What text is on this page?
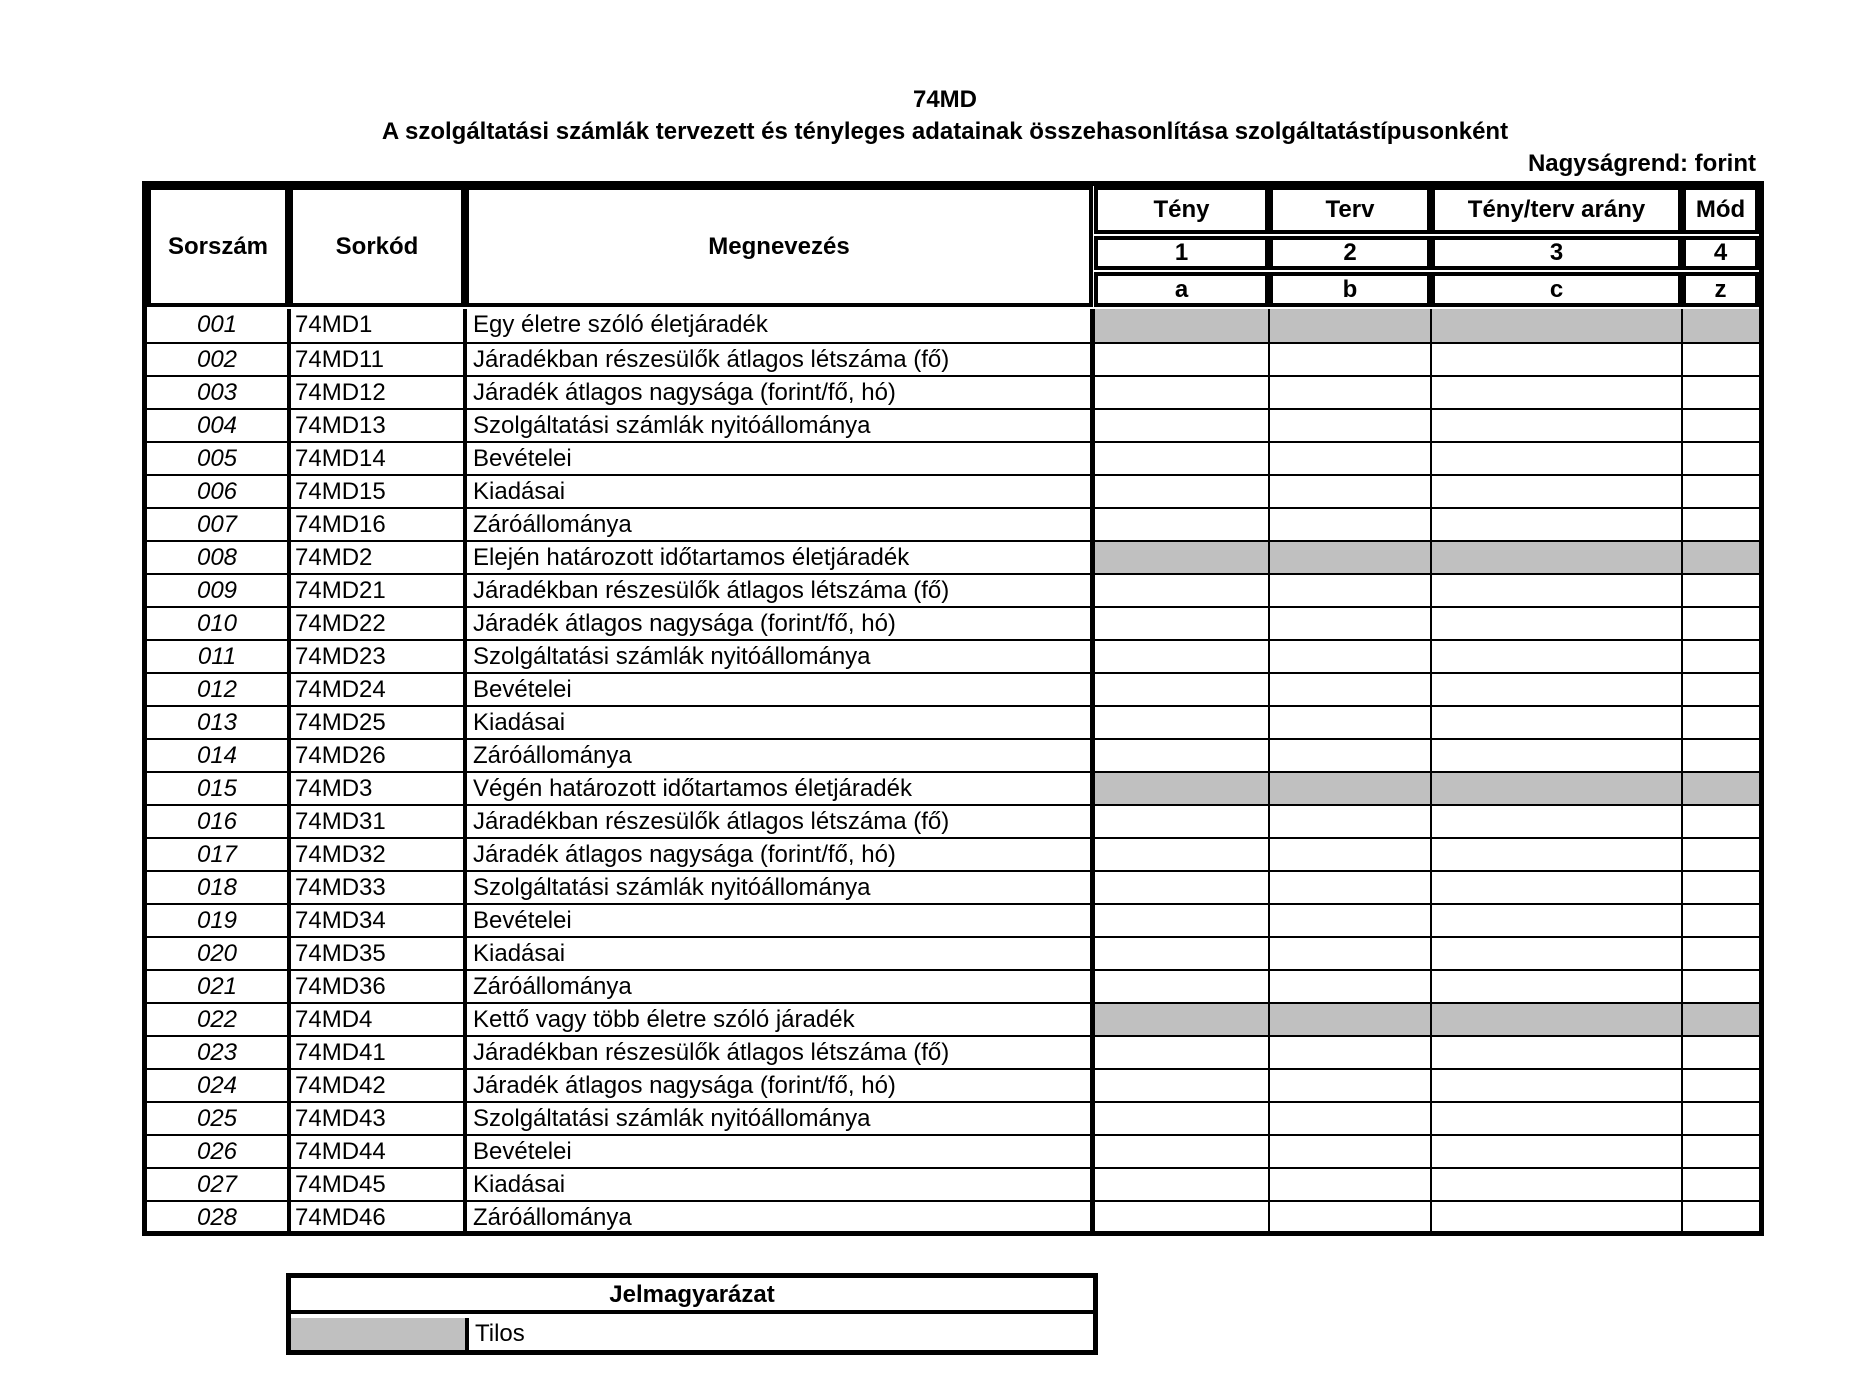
74MD
A szolgáltatási számlák tervezett és tényleges adatainak összehasonlítása szolgáltatástípusonként
Nagyságrend: forint
Sorszám	Sorkód	Megnevezés
Tény	Terv	Tény/terv arány	Mód
1	2	3	4
a	b	c	z
001	74MD1	Egy életre szóló életjáradék
002	74MD11	Járadékban részesülők átlagos létszáma (fő)
003	74MD12	Járadék átlagos nagysága (forint/fő, hó)
004	74MD13	Szolgáltatási számlák nyitóállománya
005	74MD14	Bevételei
006	74MD15	Kiadásai
007	74MD16	Záróállománya
008	74MD2	Elején határozott időtartamos életjáradék
009	74MD21	Járadékban részesülők átlagos létszáma (fő)
010	74MD22	Járadék átlagos nagysága (forint/fő, hó)
011	74MD23	Szolgáltatási számlák nyitóállománya
012	74MD24	Bevételei
013	74MD25	Kiadásai
014	74MD26	Záróállománya
015	74MD3	Végén határozott időtartamos életjáradék
016	74MD31	Járadékban részesülők átlagos létszáma (fő)
017	74MD32	Járadék átlagos nagysága (forint/fő, hó)
018	74MD33	Szolgáltatási számlák nyitóállománya
019	74MD34	Bevételei
020	74MD35	Kiadásai
021	74MD36	Záróállománya
022	74MD4	Kettő vagy több életre szóló járadék
023	74MD41	Járadékban részesülők átlagos létszáma (fő)
024	74MD42	Járadék átlagos nagysága (forint/fő, hó)
025	74MD43	Szolgáltatási számlák nyitóállománya
026	74MD44	Bevételei
027	74MD45	Kiadásai
028	74MD46	Záróállománya
Jelmagyarázat
Tilos
